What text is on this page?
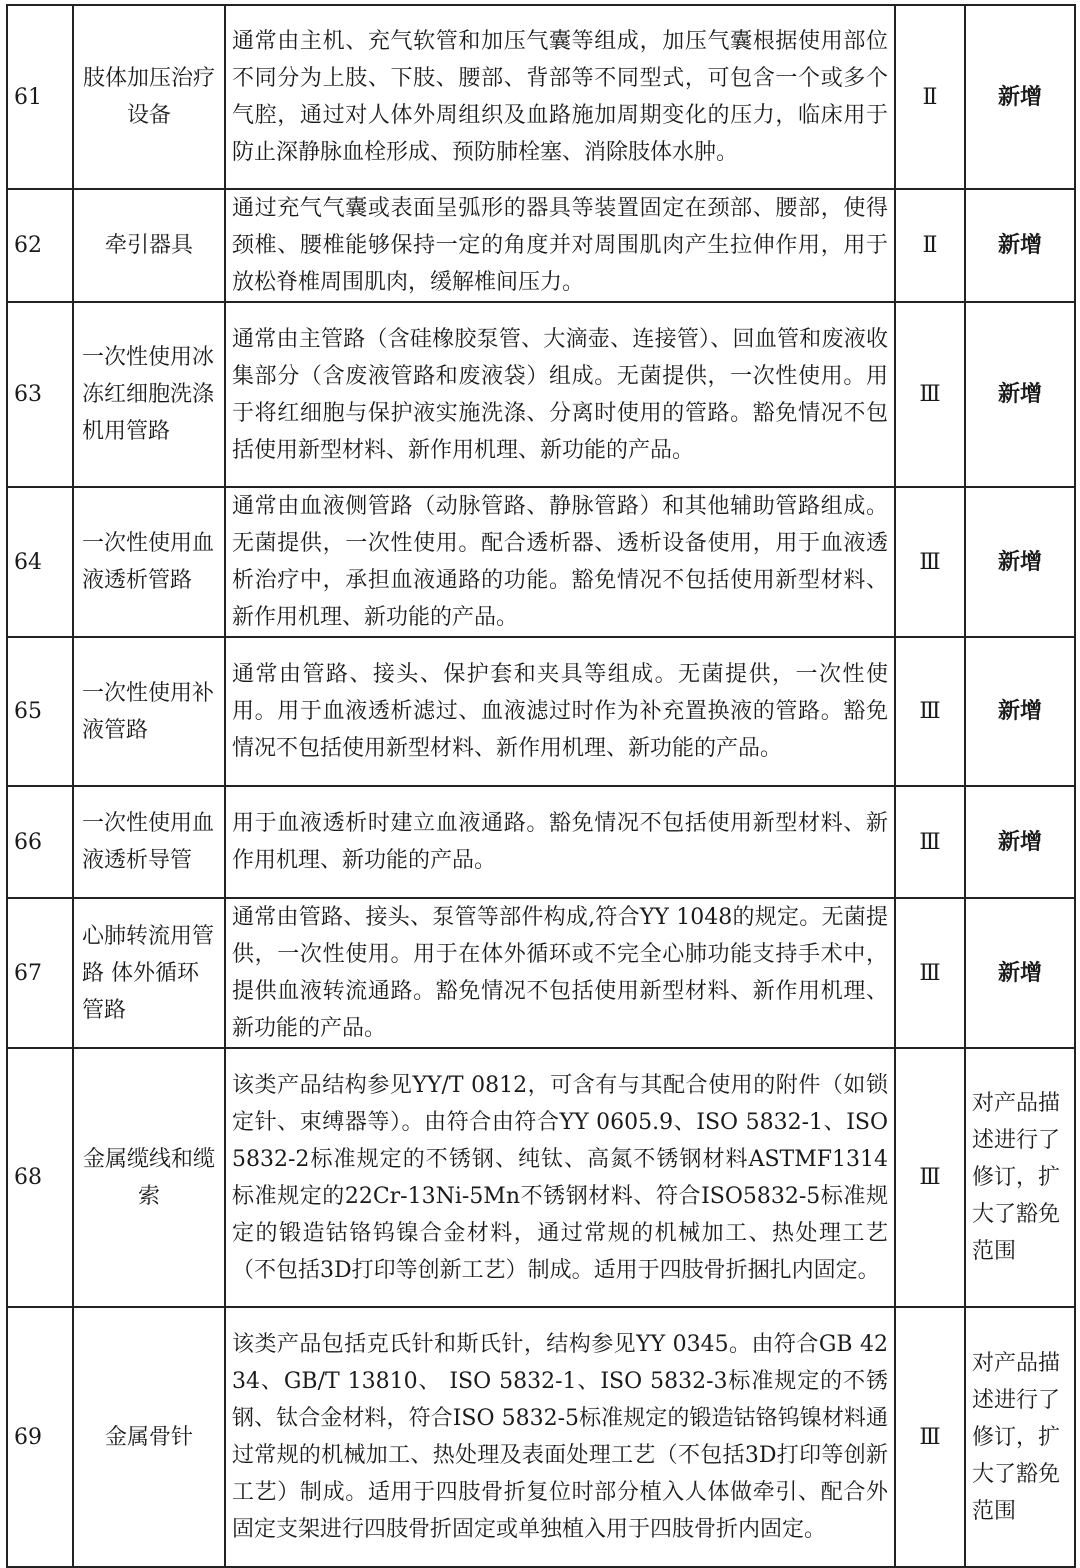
61	肢体加压治疗设备	通常由主机、充气软管和加压气囊等组成，加压气囊根据使用部位不同分为上肢、下肢、腰部、背部等不同型式，可包含一个或多个气腔，通过对人体外周组织及血路施加周期变化的压力，临床用于防止深静脉血栓形成、预防肺栓塞、消除肢体水肿。	Ⅱ	新增
62	牵引器具	通过充气气囊或表面呈弧形的器具等装置固定在颈部、腰部，使得颈椎、腰椎能够保持一定的角度并对周围肌肉产生拉伸作用，用于放松脊椎周围肌肉，缓解椎间压力。	Ⅱ	新增
63	一次性使用冰冻红细胞洗涤机用管路	通常由主管路（含硅橡胶泵管、大滴壶、连接管）、回血管和废液收集部分（含废液管路和废液袋）组成。无菌提供，一次性使用。用于将红细胞与保护液实施洗涤、分离时使用的管路。豁免情况不包括使用新型材料、新作用机理、新功能的产品。	Ⅲ	新增
64	一次性使用血液透析管路	通常由血液侧管路（动脉管路、静脉管路）和其他辅助管路组成。无菌提供，一次性使用。配合透析器、透析设备使用，用于血液透析治疗中，承担血液通路的功能。豁免情况不包括使用新型材料、新作用机理、新功能的产品。	Ⅲ	新增
65	一次性使用补液管路	通常由管路、接头、保护套和夹具等组成。无菌提供，一次性使用。用于血液透析滤过、血液滤过时作为补充置换液的管路。豁免情况不包括使用新型材料、新作用机理、新功能的产品。	Ⅲ	新增
66	一次性使用血液透析导管	用于血液透析时建立血液通路。豁免情况不包括使用新型材料、新作用机理、新功能的产品。	Ⅲ	新增
67	心肺转流用管路 体外循环管路	通常由管路、接头、泵管等部件构成,符合YY 1048的规定。无菌提供，一次性使用。用于在体外循环或不完全心肺功能支持手术中，提供血液转流通路。豁免情况不包括使用新型材料、新作用机理、新功能的产品。	Ⅲ	新增
68	金属缆线和缆索	该类产品结构参见YY/T 0812，可含有与其配合使用的附件（如锁定针、束缚器等）。由符合由符合YY 0605.9、ISO 5832-1、ISO 5832-2标准规定的不锈钢、纯钛、高氮不锈钢材料ASTMF1314标准规定的22Cr-13Ni-5Mn不锈钢材料、符合ISO5832-5标准规定的锻造钴铬钨镍合金材料，通过常规的机械加工、热处理工艺（不包括3D打印等创新工艺）制成。适用于四肢骨折捆扎内固定。	Ⅲ	对产品描述进行了修订，扩大了豁免范围
69	金属骨针	该类产品包括克氏针和斯氏针，结构参见YY 0345。由符合GB 4234、GB/T 13810、 ISO 5832-1、ISO 5832-3标准规定的不锈钢、钛合金材料，符合ISO 5832-5标准规定的锻造钴铬钨镍材料通过常规的机械加工、热处理及表面处理工艺（不包括3D打印等创新工艺）制成。适用于四肢骨折复位时部分植入人体做牵引、配合外固定支架进行四肢骨折固定或单独植入用于四肢骨折内固定。	Ⅲ	对产品描述进行了修订，扩大了豁免范围
